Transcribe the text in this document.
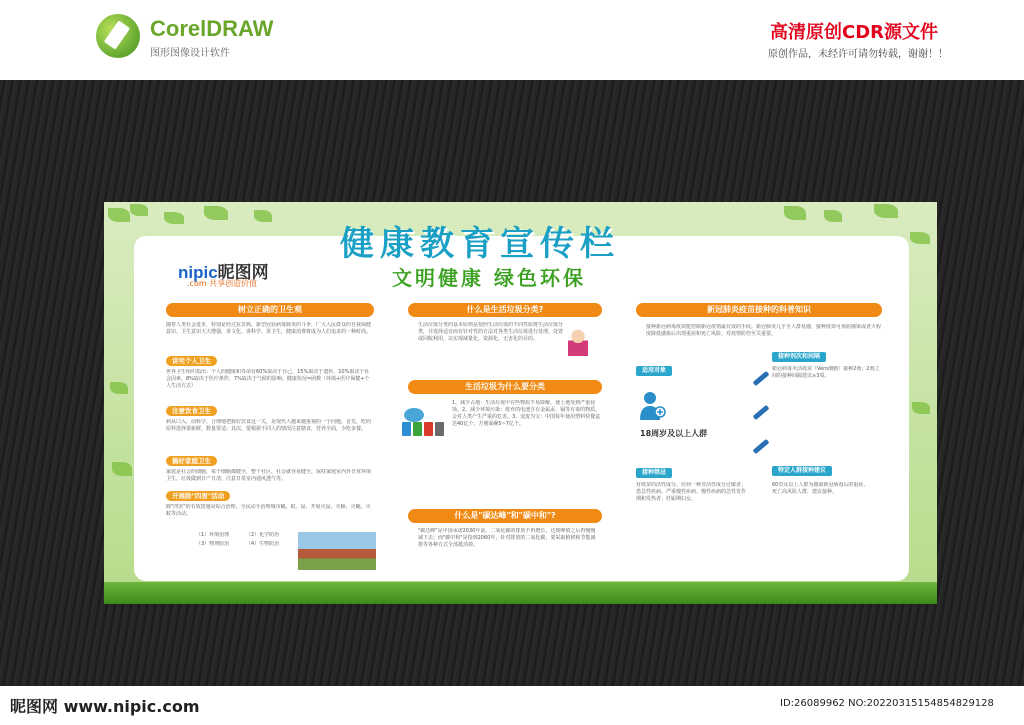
CorelDRAW
图形图像设计软件
高清原创CDR源文件
原创作品，未经许可请勿转载，谢谢！！
健康教育宣传栏
文明健康 绿色环保
nipic昵图网
.com 共享创造价值
树立正确的卫生观
随着人类社会进步，特别是经过抗非典、新型冠状病毒肺炎的斗争，广大人民群众的自我保健意识、卫生意识大大增强，讲文化、讲科学、讲卫生，健康消费将成为人们追求的一种时尚。
讲究个人卫生
世界卫生组织指出：个人的健康和寿命有60%取决于自己，15%取决于遗传，10%取决于社会因素，8%取决于医疗条件，7%取决于气候的影响。健康状况=函数（环境+医疗保健+个人生活方式）
注意饮食卫生
病从口入，前科学、合理地把握好饮食这一关，是现代人越来越重视的一个问题。首先，吃的原料选择要新鲜，数量要适；其次，要根据不同人的情况注意膳食，营养全面，少吃多餐。
搞好家庭卫生
家庭是社会的细胞，每个细胞都健全，整个社区、社会就容易健全，保持家庭室内外日常环境卫生，垃圾做到日产日清，注意日常室内通风透气等。
开展除"四害"活动
除"四害"的有效措施是综合治理，全民动手治理城市蝇、蚊、鼠、开展灭鼠、灭蟑、灭蝇、灭蚊等活动。
（1）环境治理	（2）化学防治
（3）物理防治	（4）生物防治
什么是生活垃圾分类?
生活垃圾分类的基本原则是按照生活垃圾的不同性质将生活垃圾分类，并选择适宜而有针对性的方法对各类生活垃圾进行处理、处置或回收利用，以实现减量化、资源化、无害化的目的。
生活垃圾为什么要分类
1、减少占地：生活垃圾中有些物质不易降解，使土地受到严重侵蚀。2、减少环境污染：废弃的电池含有金属汞、镉等有毒的物质，会对人类产生严重的危害。3、变废为宝：中国每年使用塑料快餐盒达40亿个，方便面碗5~7亿个。
什么是"碳达峰"和"碳中和"?
"碳达峰"是中国承诺2030年前，二氧化碳的排放不再增长，达到峰值之后再慢慢减下去；而"碳中和"是指到2060年，针对排放的二氧化碳，要采取植树和节能减排等各种方式全部抵消掉。
新冠肺炎疫苗接种的科普知识
接种新冠病毒疫苗能控制新冠疫情最有效的手段。新冠肺炎几乎全人群易感，接种疫苗可预防感染或者大程度降低感染后出现重症和死亡风险。对疫情防控至关重要。
适用对象
18周岁及以上人群
接种禁忌
对疫苗的活性成分、任何一种非活性成分过敏者；患急性疾病、严重慢性疾病、慢性疾病的急性发作期和发热者；妊娠期妇女。
接种剂次和间隔
新冠病毒灭活疫苗（Vero细胞）接种2剂；2剂之间的接种间隔建议≥3周。
特定人群接种建议
60岁及以上人群为感染新冠病毒后的重症、死亡高风险人群，建议接种。
昵图网 www.nipic.com	ID:26089962 NO:20220315154854829128
